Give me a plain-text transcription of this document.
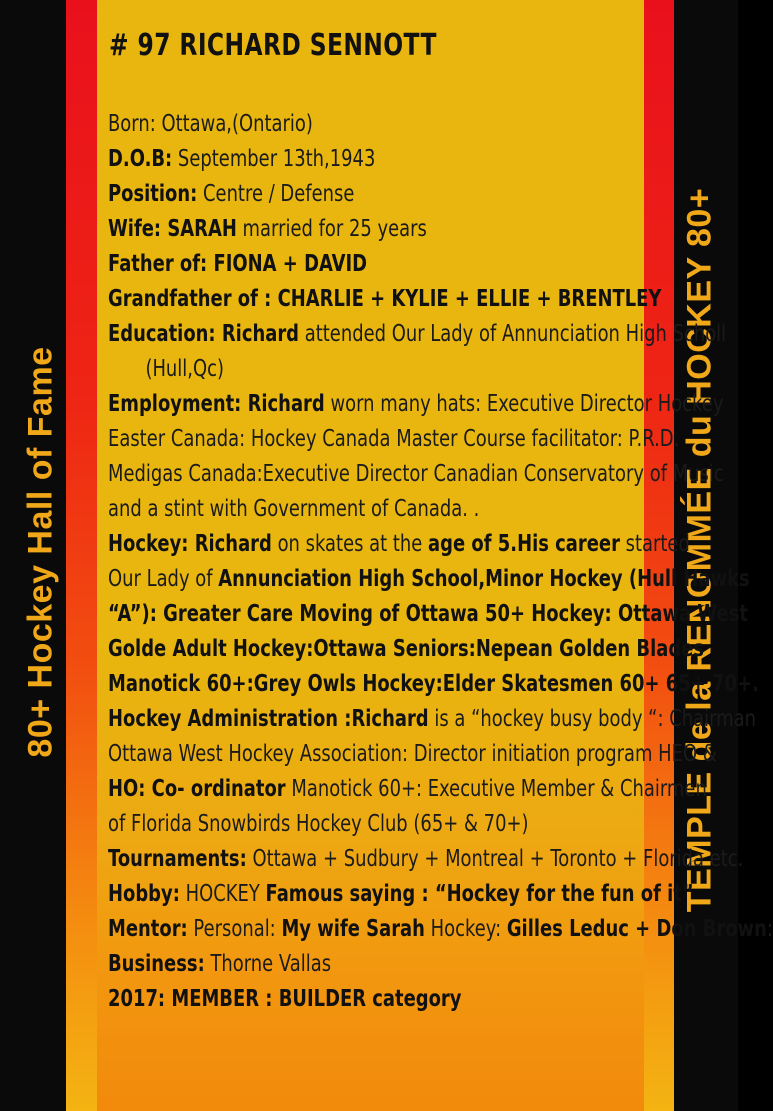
80+ Hockey Hall of Fame	TEMPLE de la RENOMMÉE du HOCKEY 80+
# 97 RICHARD SENNOTT
Born: Ottawa,(Ontario)
D.O.B: September 13th,1943
Position: Centre / Defense
Wife: SARAH married for 25 years
Father of: FIONA + DAVID
Grandfather of : CHARLIE + KYLIE + ELLIE + BRENTLEY
Education: Richard attended Our Lady of Annunciation High Scholl
(Hull,Qc)
Employment: Richard worn many hats: Executive Director Hockey
Easter Canada: Hockey Canada Master Course facilitator: P.R.D.
Medigas Canada:Executive Director Canadian Conservatory of Music
and a stint with Government of Canada. .
Hockey: Richard on skates at the age of 5.His career started
Our Lady of Annunciation High School,Minor Hockey (Hull Hawks
“A”): Greater Care Moving of Ottawa 50+ Hockey: Ottawa West
Golde Adult Hockey:Ottawa Seniors:Nepean Golden Blades
Manotick 60+:Grey Owls Hockey:Elder Skatesmen 60+ 65+ 70+.
Hockey Administration :Richard is a “hockey busy body “: Chairman
Ottawa West Hockey Association: Director initiation program HEO &
HO: Co- ordinator Manotick 60+: Executive Member & Chairmen
of Florida Snowbirds Hockey Club (65+ & 70+)
Tournaments: Ottawa + Sudbury + Montreal + Toronto + Florida etc.
Hobby: HOCKEY Famous saying : “Hockey for the fun of it”
Mentor: Personal: My wife Sarah Hockey: Gilles Leduc + Don Brown:
Business: Thorne Vallas
2017: MEMBER : BUILDER category
